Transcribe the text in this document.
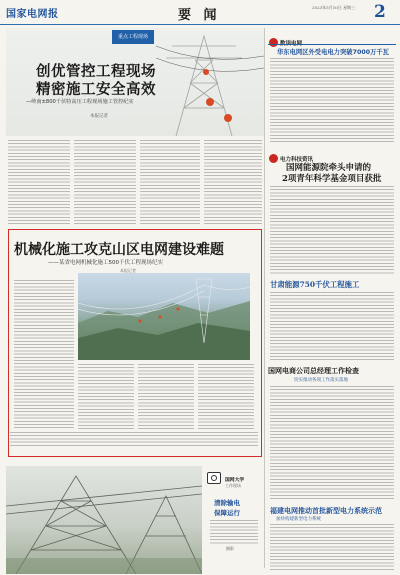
国家电网报	要 闻
2023年5月10日 星期三	2
重点工程现场
创优管控工程现场
精密施工安全高效
—岭南±800千伏特高压工程现场施工管控纪实
本报记者
华东电网区外受电电力突破7000万千瓦
电力科技资讯
国网能源院牵头申请的
2项青年科学基金项目获批
甘肃能源750千伏工程施工
国网电商公司总经理工作检查
切实推动各项工作落实落地
福建电网推动首批新型电力系统示范
加快构建新型电力系统
机械化施工攻克山区电网建设难题
——某省电网机械化施工500千伏工程现场纪实
本报记者
国网大学
工作现场
清除输电
保障运行
摄影
